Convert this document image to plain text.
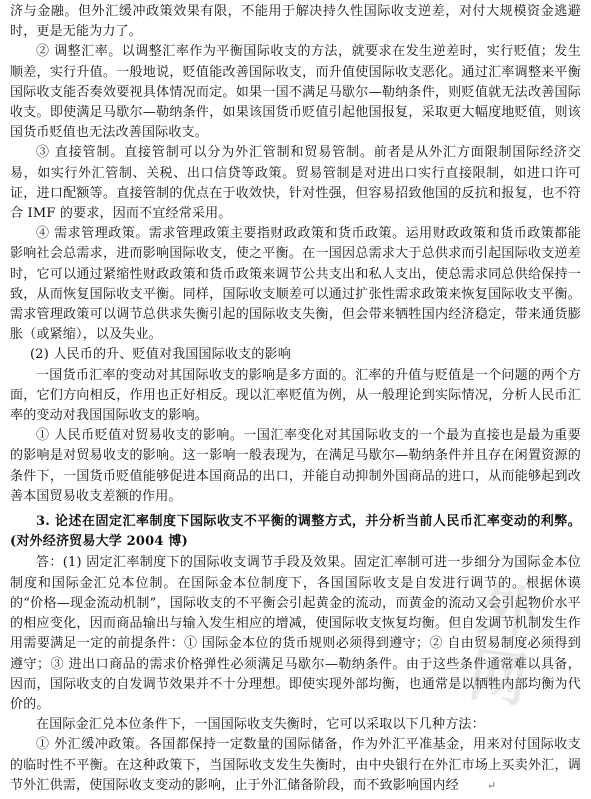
济与金融。但外汇缓冲政策效果有限，不能用于解决持久性国际收支逆差，对付大规模资金逃避时，更是无能为力了。

② 调整汇率。以调整汇率作为平衡国际收支的方法，就要求在发生逆差时，实行贬值；发生顺差，实行升值。一般地说，贬值能改善国际收支，而升值使国际收支恶化。通过汇率调整来平衡国际收支能否奏效要视具体情况而定。如果一国不满足马歇尔—勒纳条件，则贬值就无法改善国际收支。即使满足马歇尔—勒纳条件，如果该国货币贬值引起他国报复，采取更大幅度地贬值，则该国货币贬值也无法改善国际收支。

③ 直接管制。直接管制可以分为外汇管制和贸易管制。前者是从外汇方面限制国际经济交易，如实行外汇管制、关税、出口信贷等政策。贸易管制是对进出口实行直接限制，如进口许可证，进口配额等。直接管制的优点在于收效快，针对性强，但容易招致他国的反抗和报复，也不符合 IMF 的要求，因而不宜经常采用。

④ 需求管理政策。需求管理政策主要指财政政策和货币政策。运用财政政策和货币政策都能影响社会总需求，进而影响国际收支，使之平衡。在一国因总需求大于总供求而引起国际收支逆差时，它可以通过紧缩性财政政策和货币政策来调节公共支出和私人支出，使总需求同总供给保持一致，从而恢复国际收支平衡。同样，国际收支顺差可以通过扩张性需求政策来恢复国际收支平衡。需求管理政策可以调节总供求失衡引起的国际收支失衡，但会带来牺牲国内经济稳定，带来通货膨胀（或紧缩），以及失业。

(2) 人民币的升、贬值对我国国际收支的影响

一国货币汇率的变动对其国际收支的影响是多方面的。汇率的升值与贬值是一个问题的两个方面，它们方向相反，作用也正好相反。现以汇率贬值为例，从一般理论到实际情况，分析人民币汇率的变动对我国国际收支的影响。

① 人民币贬值对贸易收支的影响。一国汇率变化对其国际收支的一个最为直接也是最为重要的影响是对贸易收支的影响。这一影响一般表现为，在满足马歇尔—勒纳条件并且存在闲置资源的条件下，一国货币贬值能够促进本国商品的出口，并能自动抑制外国商品的进口，从而能够起到改善本国贸易收支差额的作用。

3. 论述在固定汇率制度下国际收支不平衡的调整方式，并分析当前人民币汇率变动的利弊。(对外经济贸易大学 2004 博)

答：(1) 固定汇率制度下的国际收支调节手段及效果。固定汇率制可进一步细分为国际金本位制度和国际金汇兑本位制。在国际金本位制度下，各国国际收支是自发进行调节的。根据休谟的“价格—现金流动机制”，国际收支的不平衡会引起黄金的流动，而黄金的流动又会引起物价水平的相应变化，因而商品输出与输入发生相应的增减，使国际收支恢复均衡。但自发调节机制发生作用需要满足一定的前提条件：① 国际金本位的货币规则必须得到遵守；② 自由贸易制度必须得到遵守；③ 进出口商品的需求价格弹性必须满足马歇尔—勒纳条件。由于这些条件通常难以具备，因而，国际收支的自发调节效果并不十分理想。即使实现外部均衡，也通常是以牺牲内部均衡为代价的。

在国际金汇兑本位条件下，一国国际收支失衡时，它可以采取以下几种方法：

① 外汇缓冲政策。各国都保持一定数量的国际储备，作为外汇平准基金，用来对付国际收支的临时性不平衡。在这种政策下，当国际收支发生失衡时，由中央银行在外汇市场上买卖外汇，调节外汇供需，使国际收支变动的影响，止于外汇储备阶段，而不致影响国内经	↵

外
网
